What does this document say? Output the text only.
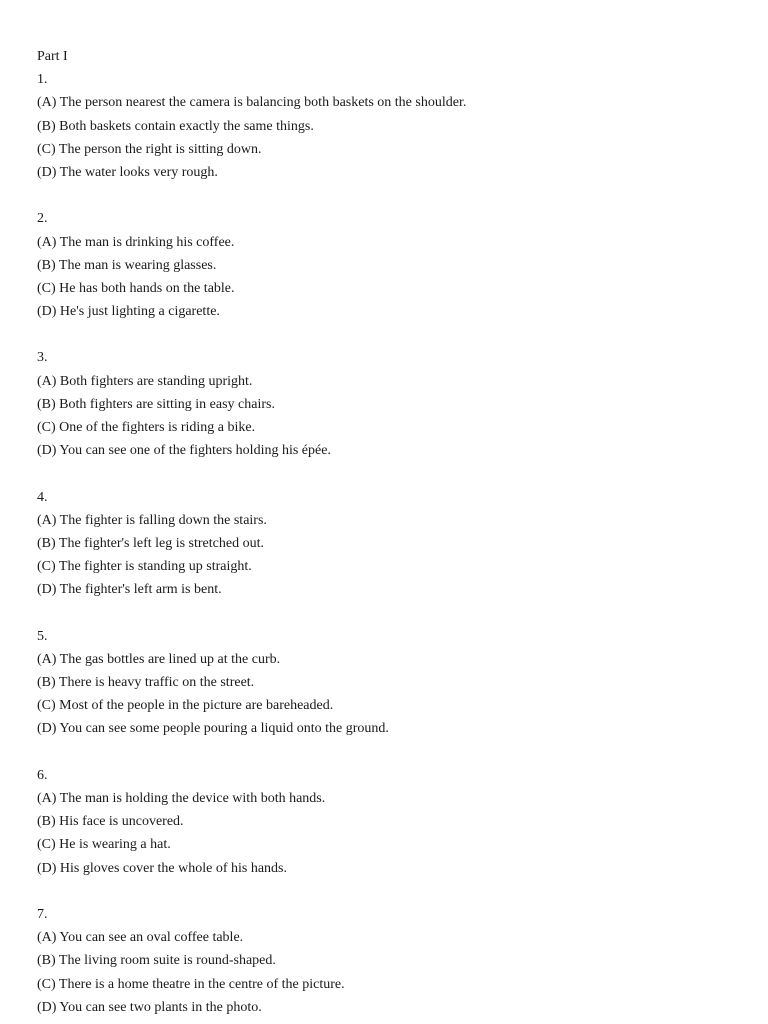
Part I
1.
(A) The person nearest the camera is balancing both baskets on the shoulder.
(B) Both baskets contain exactly the same things.
(C) The person the right is sitting down.
(D) The water looks very rough.
2.
(A) The man is drinking his coffee.
(B) The man is wearing glasses.
(C) He has both hands on the table.
(D) He's just lighting a cigarette.
3.
(A) Both fighters are standing upright.
(B) Both fighters are sitting in easy chairs.
(C) One of the fighters is riding a bike.
(D) You can see one of the fighters holding his épée.
4.
(A) The fighter is falling down the stairs.
(B) The fighter's left leg is stretched out.
(C) The fighter is standing up straight.
(D) The fighter's left arm is bent.
5.
(A) The gas bottles are lined up at the curb.
(B) There is heavy traffic on the street.
(C) Most of the people in the picture are bareheaded.
(D) You can see some people pouring a liquid onto the ground.
6.
(A) The man is holding the device with both hands.
(B) His face is uncovered.
(C) He is wearing a hat.
(D) His gloves cover the whole of his hands.
7.
(A) You can see an oval coffee table.
(B) The living room suite is round-shaped.
(C) There is a home theatre in the centre of the picture.
(D) You can see two plants in the photo.
